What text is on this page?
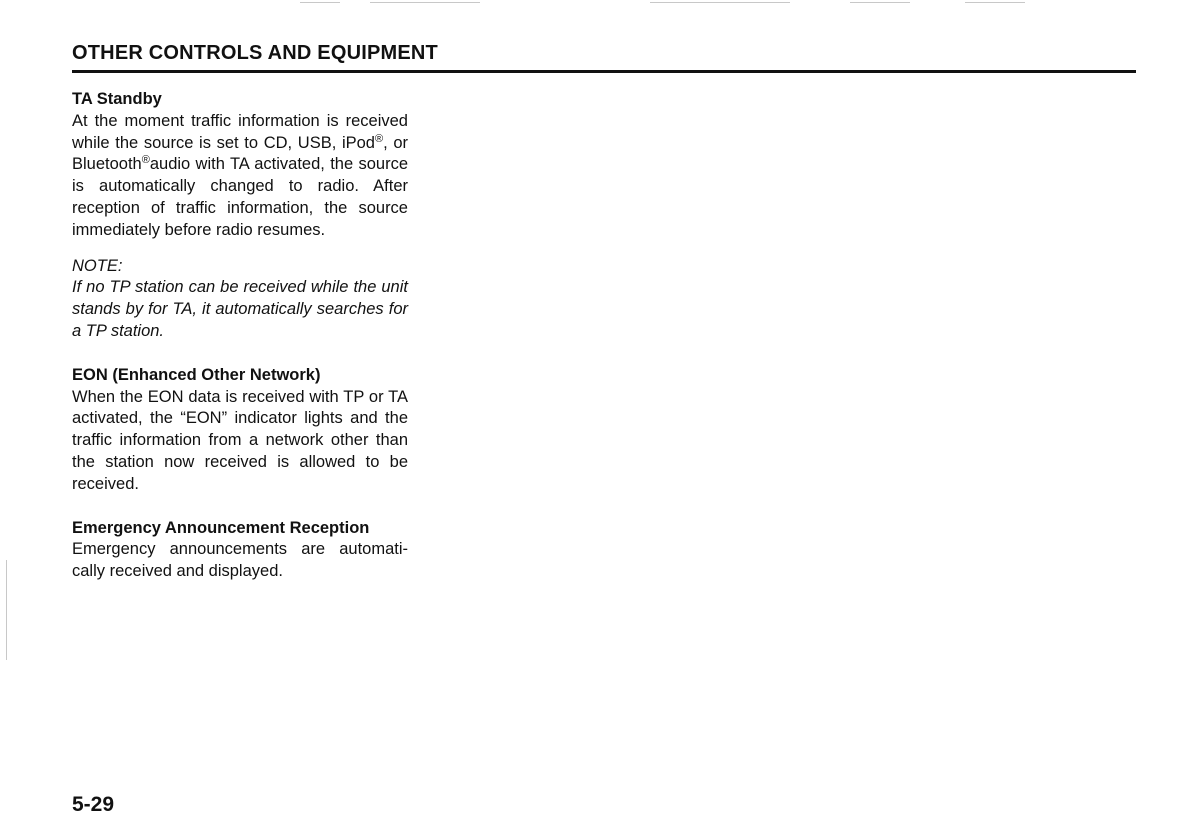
OTHER CONTROLS AND EQUIPMENT

TA Standby

At the moment traffic information is received while the source is set to CD, USB, iPod®, or Bluetooth®audio with TA activated, the source is automatically changed to radio. After reception of traffic information, the source immediately before radio resumes.

NOTE:

If no TP station can be received while the unit stands by for TA, it automatically searches for a TP station.

EON (Enhanced Other Network)

When the EON data is received with TP or TA activated, the “EON” indicator lights and the traffic information from a network other than the station now received is allowed to be received.

Emergency Announcement Reception

Emergency announcements are automati-cally received and displayed.

5-29
